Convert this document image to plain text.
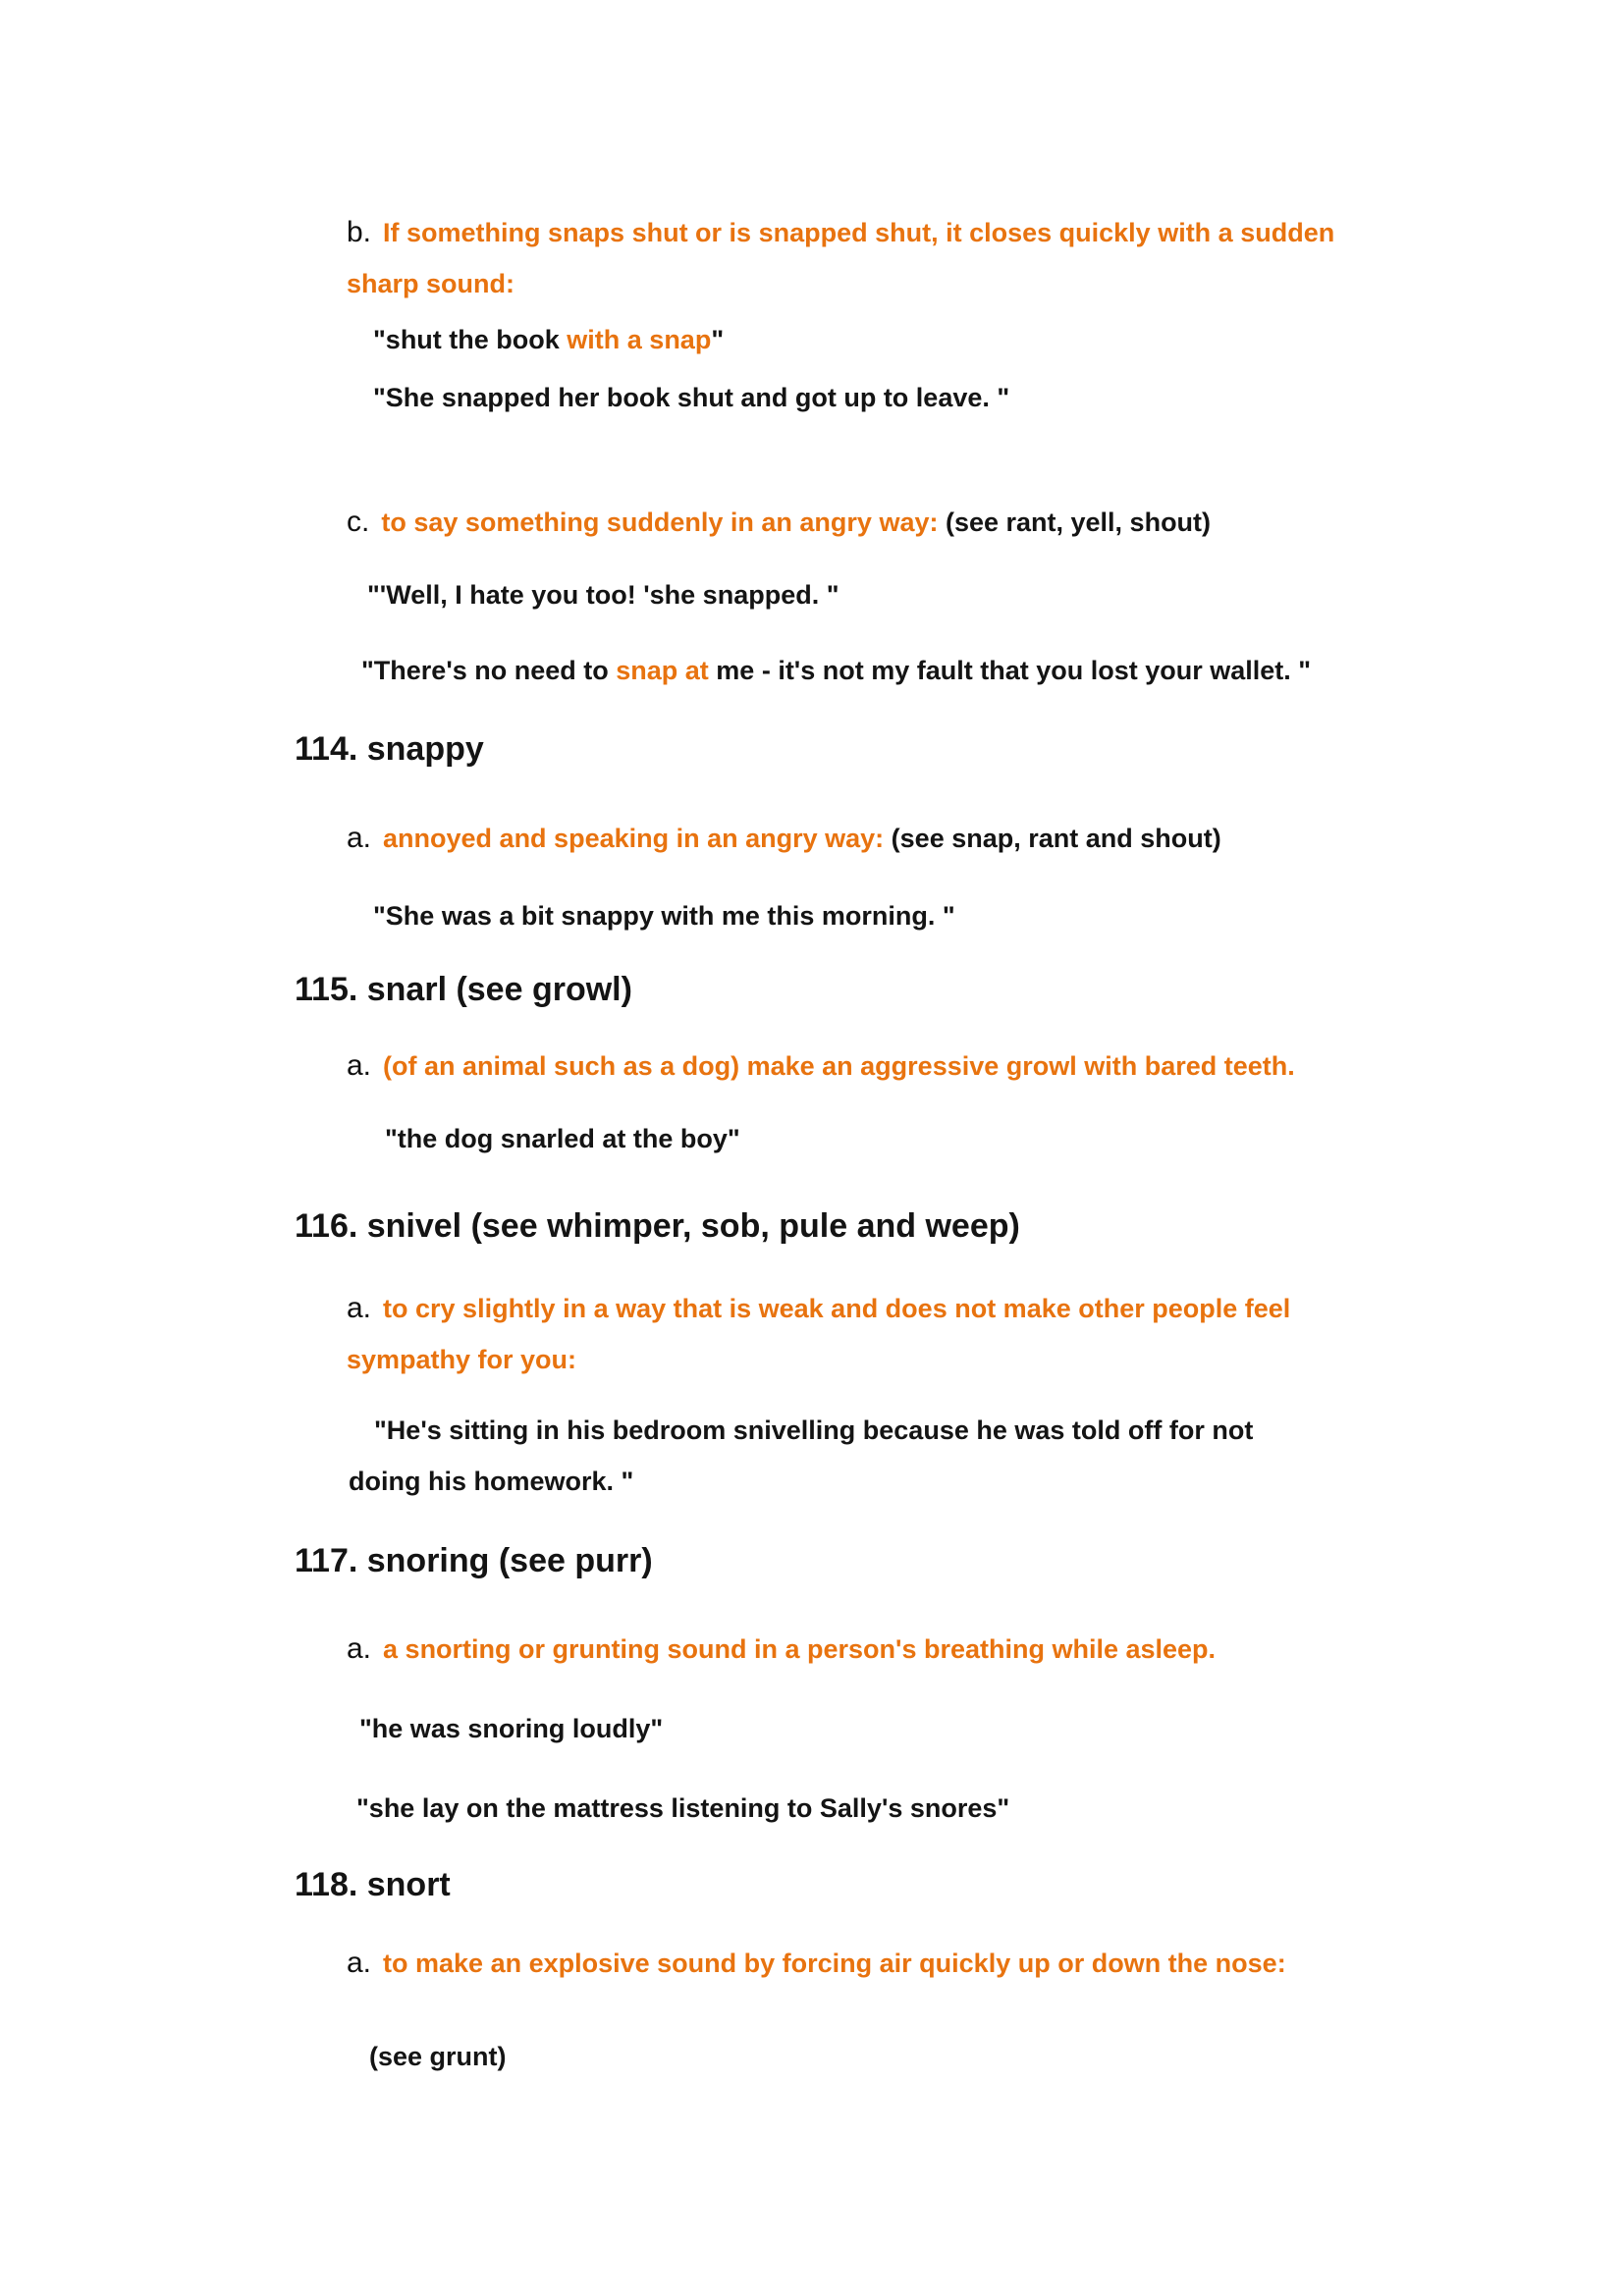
b. If something snaps shut or is snapped shut, it closes quickly with a sudden
sharp sound:
"shut the book with a snap"
"She snapped her book shut and got up to leave. "
c. to say something suddenly in an angry way: (see rant, yell, shout)
"'Well, I hate you too! 'she snapped. "
"There's no need to snap at me - it's not my fault that you lost your wallet. "
114. snappy
a. annoyed and speaking in an angry way: (see snap, rant and shout)
"She was a bit snappy with me this morning. "
115. snarl (see growl)
a. (of an animal such as a dog) make an aggressive growl with bared teeth.
"the dog snarled at the boy"
116. snivel (see whimper, sob, pule and weep)
a. to cry slightly in a way that is weak and does not make other people feel
sympathy for you:
"He's sitting in his bedroom snivelling because he was told off for not
doing his homework. "
117. snoring (see purr)
a. a snorting or grunting sound in a person's breathing while asleep.
"he was snoring loudly"
"she lay on the mattress listening to Sally's snores"
118. snort
a. to make an explosive sound by forcing air quickly up or down the nose:
(see grunt)
